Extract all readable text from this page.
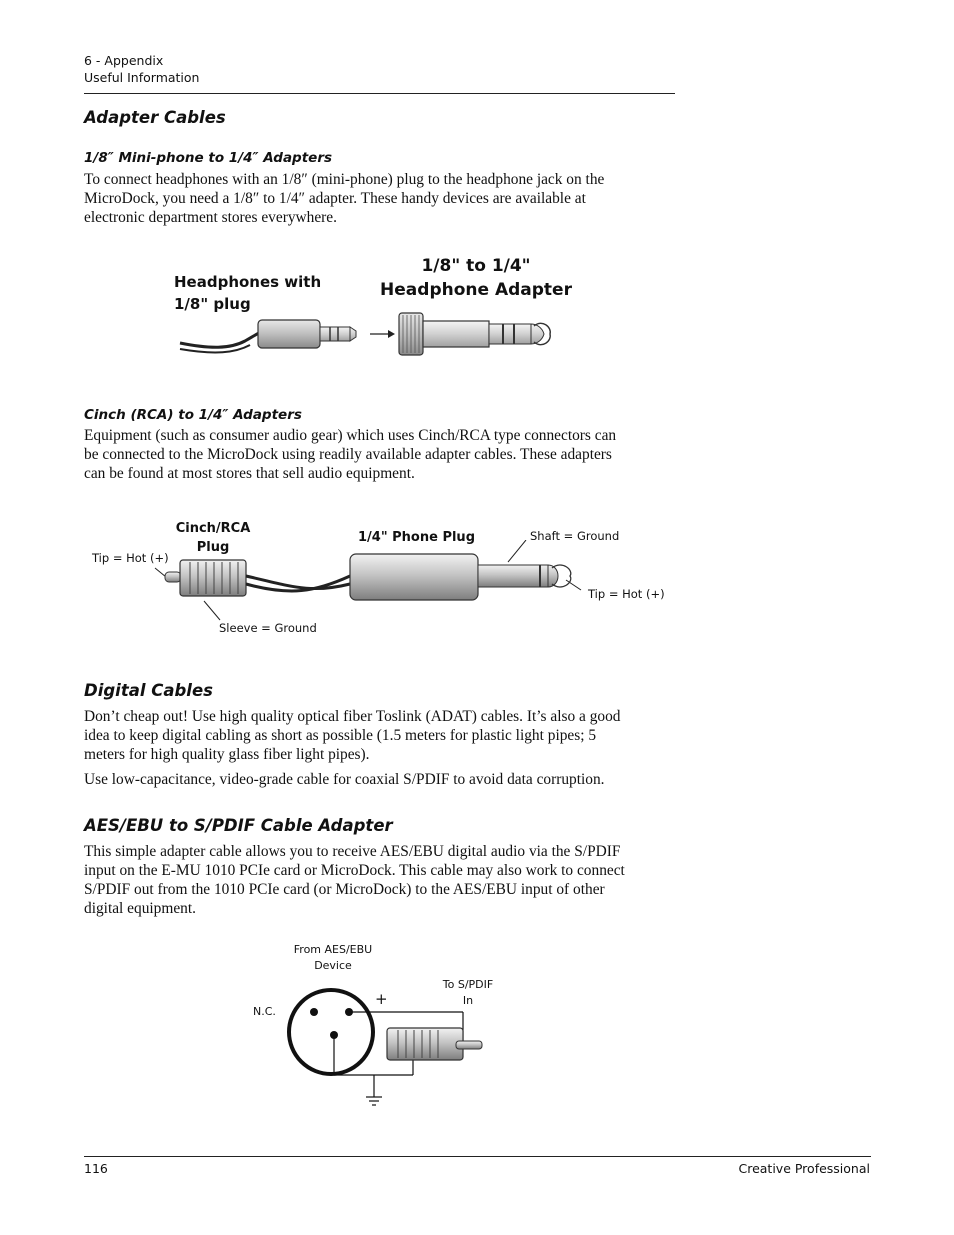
6 - Appendix
Useful Information
Adapter Cables
1/8″ Mini-phone to 1/4″ Adapters
To connect headphones with an 1/8″ (mini-phone) plug to the headphone jack on the
MicroDock, you need a 1/8″ to 1/4″ adapter. These handy devices are available at
electronic department stores everywhere.
Headphones with
1/8" plug
1/8" to 1/4"
Headphone Adapter
Cinch (RCA) to 1/4″ Adapters
Equipment (such as consumer audio gear) which uses Cinch/RCA type connectors can
be connected to the MicroDock using readily available adapter cables. These adapters
can be found at most stores that sell audio equipment.
Cinch/RCA
Plug
Tip = Hot (+)
Sleeve = Ground
1/4" Phone Plug	Shaft = Ground
Tip = Hot (+)
Digital Cables
Don’t cheap out! Use high quality optical fiber Toslink (ADAT) cables. It’s also a good
idea to keep digital cabling as short as possible (1.5 meters for plastic light pipes; 5
meters for high quality glass fiber light pipes).
Use low-capacitance, video-grade cable for coaxial S/PDIF to avoid data corruption.
AES/EBU to S/PDIF Cable Adapter
This simple adapter cable allows you to receive AES/EBU digital audio via the S/PDIF
input on the E-MU 1010 PCIe card or MicroDock. This cable may also work to connect
S/PDIF out from the 1010 PCIe card (or MicroDock) to the AES/EBU input of other
digital equipment.
From AES/EBU
Device
To S/PDIF
In
N.C.
+
116	Creative Professional
